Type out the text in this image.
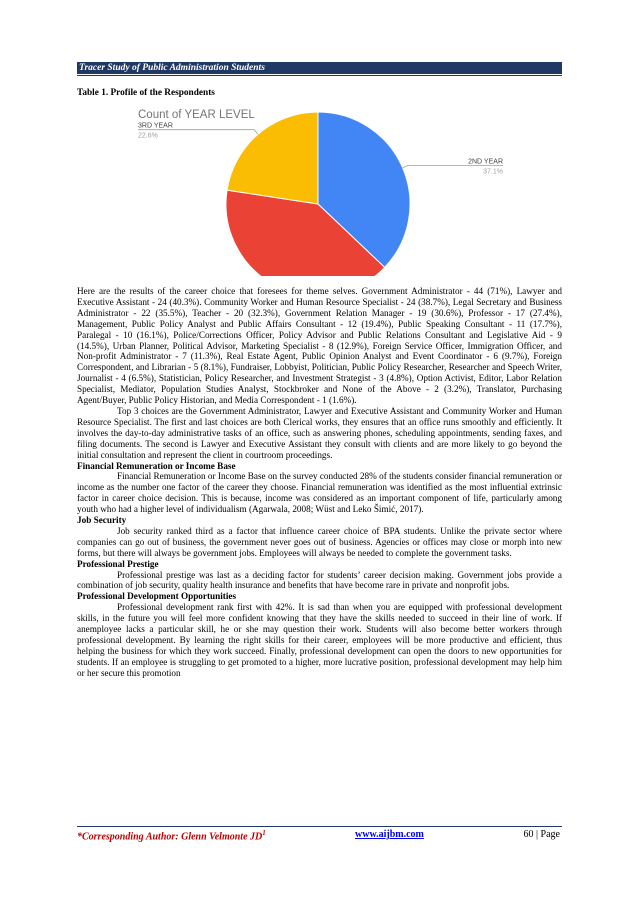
Tracer Study of Public Administration Students
Table 1. Profile of the Respondents
Count of YEAR LEVEL
2ND YEAR
37.1%
3RD YEAR
22.6%

Here are the results of the career choice that foresees for theme selves. Government Administrator - 44 (71%), Lawyer and Executive Assistant - 24 (40.3%). Community Worker and Human Resource Specialist - 24 (38.7%), Legal Secretary and Business Administrator - 22 (35.5%), Teacher - 20 (32.3%), Government Relation Manager - 19 (30.6%), Professor - 17 (27.4%), Management, Public Policy Analyst and Public Affairs Consultant - 12 (19.4%), Public Speaking Consultant - 11 (17.7%), Paralegal - 10 (16.1%), Police/Corrections Officer, Policy Advisor and Public Relations Consultant and Legislative Aid - 9 (14.5%), Urban Planner, Political Advisor, Marketing Specialist - 8 (12.9%), Foreign Service Officer, Immigration Officer, and Non-profit Administrator - 7 (11.3%), Real Estate Agent, Public Opinion Analyst and Event Coordinator - 6 (9.7%), Foreign Correspondent, and Librarian - 5 (8.1%), Fundraiser, Lobbyist, Politician, Public Policy Researcher, Researcher and Speech Writer, Journalist - 4 (6.5%), Statistician, Policy Researcher, and Investment Strategist - 3 (4.8%), Option Activist, Editor, Labor Relation Specialist, Mediator, Population Studies Analyst, Stockbroker and None of the Above - 2 (3.2%), Translator, Purchasing Agent/Buyer, Public Policy Historian, and Media Correspondent - 1 (1.6%).

Top 3 choices are the Government Administrator, Lawyer and Executive Assistant and Community Worker and Human Resource Specialist. The first and last choices are both Clerical works, they ensures that an office runs smoothly and efficiently. It involves the day-to-day administrative tasks of an office, such as answering phones, scheduling appointments, sending faxes, and filing documents. The second is Lawyer and Executive Assistant they consult with clients and are more likely to go beyond the initial consultation and represent the client in courtroom proceedings.

Financial Remuneration or Income Base

Financial Remuneration or Income Base on the survey conducted 28% of the students consider financial remuneration or income as the number one factor of the career they choose. Financial remuneration was identified as the most influential extrinsic factor in career choice decision. This is because, income was considered as an important component of life, particularly among youth who had a higher level of individualism (Agarwala, 2008; Wüst and Leko Šimić, 2017).

Job Security

Job security ranked third as a factor that influence career choice of BPA students. Unlike the private sector where companies can go out of business, the government never goes out of business. Agencies or offices may close or morph into new forms, but there will always be government jobs. Employees will always be needed to complete the government tasks.

Professional Prestige

Professional prestige was last as a deciding factor for students’ career decision making. Government jobs provide a combination of job security, quality health insurance and benefits that have become rare in private and nonprofit jobs.

Professional Development Opportunities

Professional development rank first with 42%. It is sad than when you are equipped with professional development skills, in the future you will feel more confident knowing that they have the skills needed to succeed in their line of work. If anemployee lacks a particular skill, he or she may question their work. Students will also become better workers through professional development. By learning the right skills for their career, employees will be more productive and efficient, thus helping the business for which they work succeed. Finally, professional development can open the doors to new opportunities for students. If an employee is struggling to get promoted to a higher, more lucrative position, professional development may help him or her secure this promotion

*Corresponding Author: Glenn Velmonte $JD^1$	www.aijbm.com	60 | Page
